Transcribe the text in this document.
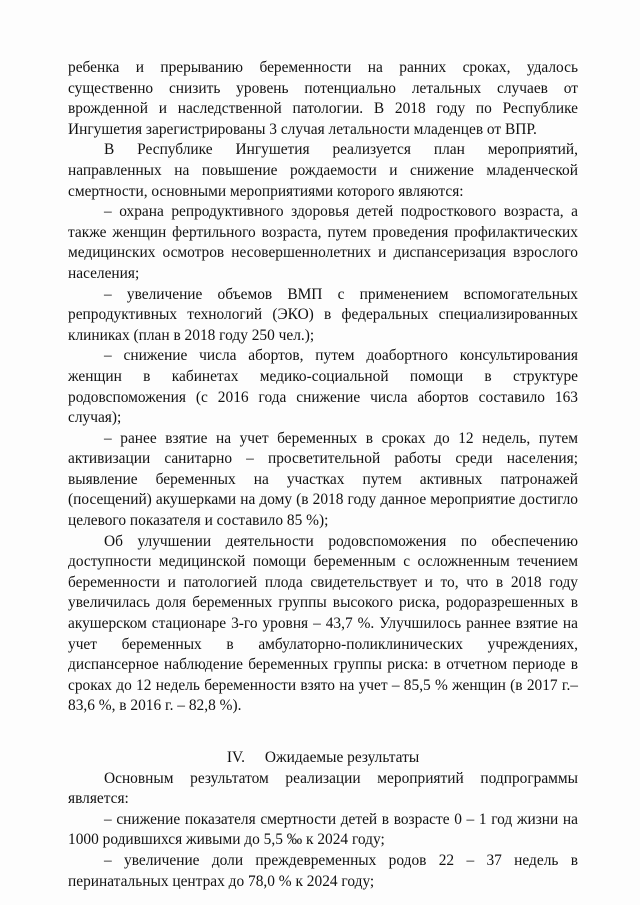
ребенка и прерыванию беременности на ранних сроках, удалось существенно снизить уровень потенциально летальных случаев от врожденной и наследственной патологии. В 2018 году по Республике Ингушетия зарегистрированы 3 случая летальности младенцев от ВПР.

В Республике Ингушетия реализуется план мероприятий, направленных на повышение рождаемости и снижение младенческой смертности, основными мероприятиями которого являются:

– охрана репродуктивного здоровья детей подросткового возраста, а также женщин фертильного возраста, путем проведения профилактических медицинских осмотров несовершеннолетних и диспансеризация взрослого населения;

– увеличение объемов ВМП с применением вспомогательных репродуктивных технологий (ЭКО) в федеральных специализированных клиниках (план в 2018 году 250 чел.);

– снижение числа абортов, путем доабортного консультирования женщин в кабинетах медико-социальной помощи в структуре родовспоможения (с 2016 года снижение числа абортов составило 163 случая);

– ранее взятие на учет беременных в сроках до 12 недель, путем активизации санитарно – просветительной работы среди населения; выявление беременных на участках путем активных патронажей (посещений) акушерками на дому (в 2018 году данное мероприятие достигло целевого показателя и составило 85 %);

Об улучшении деятельности родовспоможения по обеспечению доступности медицинской помощи беременным с осложненным течением беременности и патологией плода свидетельствует и то, что в 2018 году увеличилась доля беременных группы высокого риска, родоразрешенных в акушерском стационаре 3-го уровня – 43,7 %. Улучшилось раннее взятие на учет беременных в амбулаторно-поликлинических учреждениях, диспансерное наблюдение беременных группы риска: в отчетном периоде в сроках до 12 недель беременности взято на учет – 85,5 % женщин (в 2017 г.– 83,6 %, в 2016 г. – 82,8 %).

IV. Ожидаемые результаты

Основным результатом реализации мероприятий подпрограммы является:

– снижение показателя смертности детей в возрасте 0 – 1 год жизни на 1000 родившихся живыми до 5,5 ‰ к 2024 году;

– увеличение доли преждевременных родов 22 – 37 недель в перинатальных центрах до 78,0 % к 2024 году;
